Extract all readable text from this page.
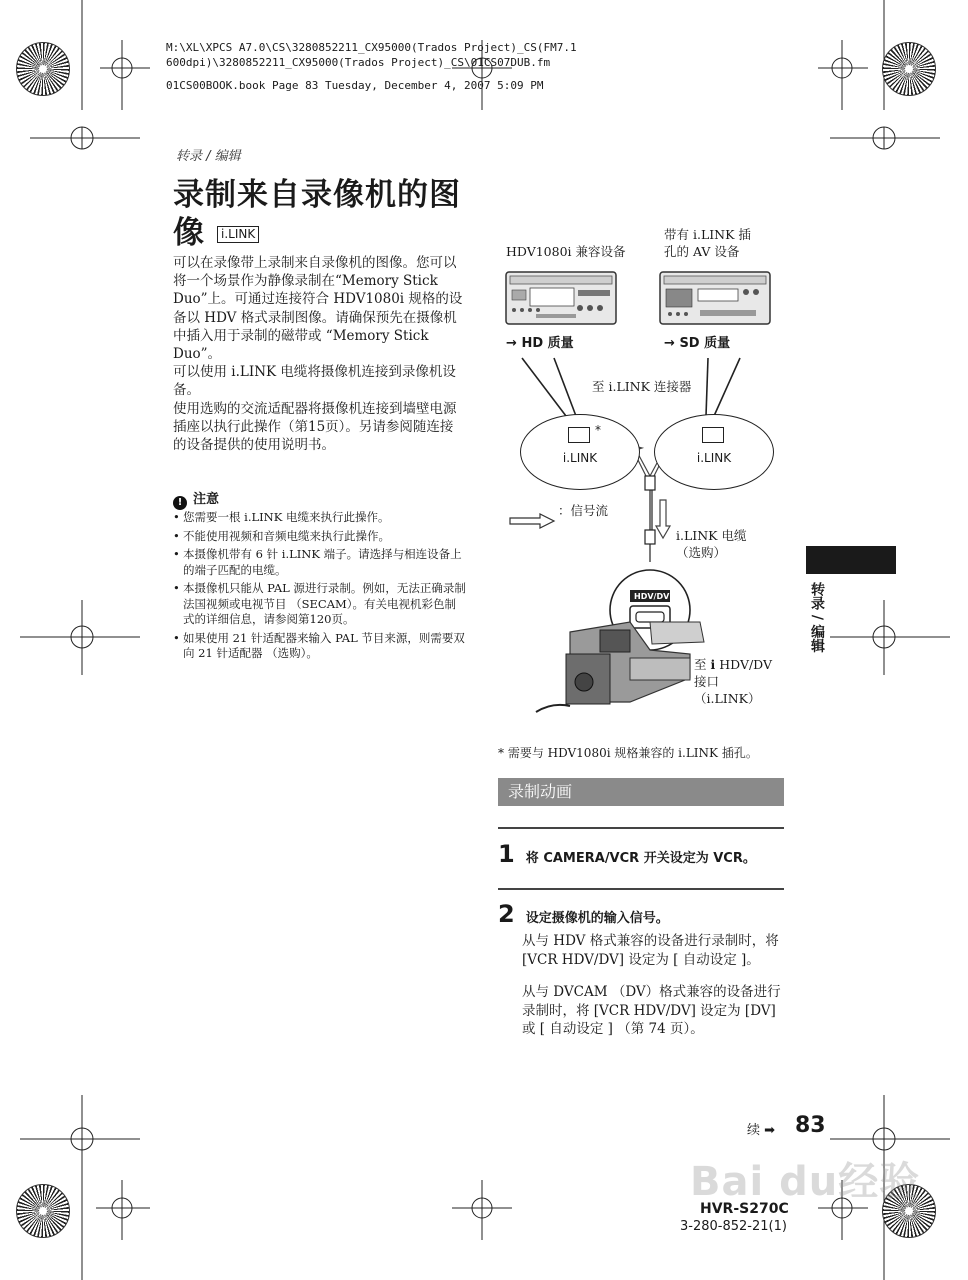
M:\XL\XPCS A7.0\CS\3280852211_CX95000(Trados Project)_CS(FM7.1
600dpi)\3280852211_CX95000(Trados Project)_CS\01CS07DUB.fm
01CS00BOOK.book Page 83 Tuesday, December 4, 2007 5:09 PM
转录 / 编辑
录制来自录像机的图
像 i.LINK

可以在录像带上录制来自录像机的图像。您可以将一个场景作为静像录制在“Memory Stick Duo”上。可通过连接符合 HDV1080i 规格的设备以 HDV 格式录制图像。请确保预先在摄像机中插入用于录制的磁带或 “Memory Stick Duo”。

可以使用 i.LINK 电缆将摄像机连接到录像机设备。

使用选购的交流适配器将摄像机连接到墙壁电源插座以执行此操作（第15页）。另请参阅随连接的设备提供的使用说明书。

! 注意
• 您需要一根 i.LINK 电缆来执行此操作。
• 不能使用视频和音频电缆来执行此操作。
• 本摄像机带有 6 针 i.LINK 端子。请选择与相连设备上的端子匹配的电缆。
• 本摄像机只能从 PAL 源进行录制。例如，无法正确录制法国视频或电视节目 （SECAM）。有关电视机彩色制式的详细信息，请参阅第120页。
• 如果使用 21 针适配器来输入 PAL 节目来源，则需要双向 21 针适配器 （选购）。
HDV1080i 兼容设备
带有 i.LINK 插
孔的 AV 设备
→ HD 质量	→ SD 质量
至 i.LINK 连接器
*
i.LINK	i.LINK
：信号流
i.LINK 电缆
（选购）
HDV/DV
至 i HDV/DV
接口
（i.LINK）
* 需要与 HDV1080i 规格兼容的 i.LINK 插孔。
录制动画
1 将 CAMERA/VCR 开关设定为 VCR。
2 设定摄像机的输入信号。

从与 HDV 格式兼容的设备进行录制时，将 [VCR HDV/DV] 设定为 [ 自动设定 ]。

从与 DVCAM （DV）格式兼容的设备进行录制时，将 [VCR HDV/DV] 设定为 [DV] 或 [ 自动设定 ] （第 74 页）。

转录 / 编辑
Bai du经验
续 ➡ 83
HVR-S270C
3-280-852-21(1)
